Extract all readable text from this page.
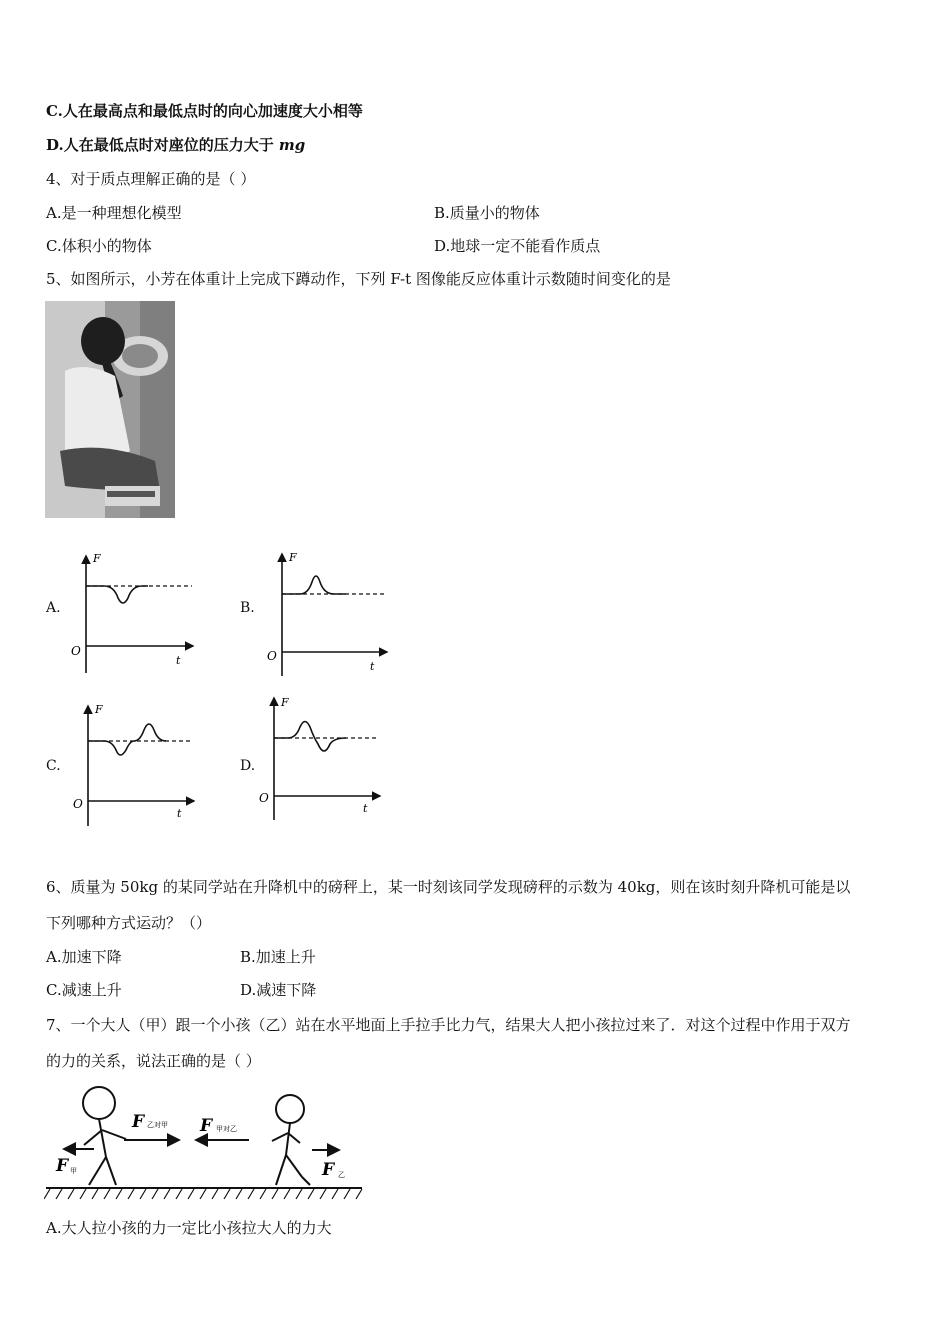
C.人在最高点和最低点时的向心加速度大小相等
D.人在最低点时对座位的压力大于 mg
4、对于质点理解正确的是（ ）
A.是一种理想化模型	B.质量小的物体
C.体积小的物体	D.地球一定不能看作质点
5、如图所示，小芳在体重计上完成下蹲动作，下列 F-t 图像能反应体重计示数随时间变化的是
A.
F
O
t
B.
F
O
t
C.
F
O
t
D.
F
O
t
6、质量为 50kg 的某同学站在升降机中的磅秤上，某一时刻该同学发现磅秤的示数为 40kg，则在该时刻升降机可能是以
下列哪种方式运动？（）
A.加速下降	B.加速上升
C.减速上升	D.减速下降
7、一个大人（甲）跟一个小孩（乙）站在水平地面上手拉手比力气，结果大人把小孩拉过来了．对这个过程中作用于双方
的力的关系，说法正确的是（ ）
F 甲
F 乙对甲 F 甲对乙
F 乙
A.大人拉小孩的力一定比小孩拉大人的力大
